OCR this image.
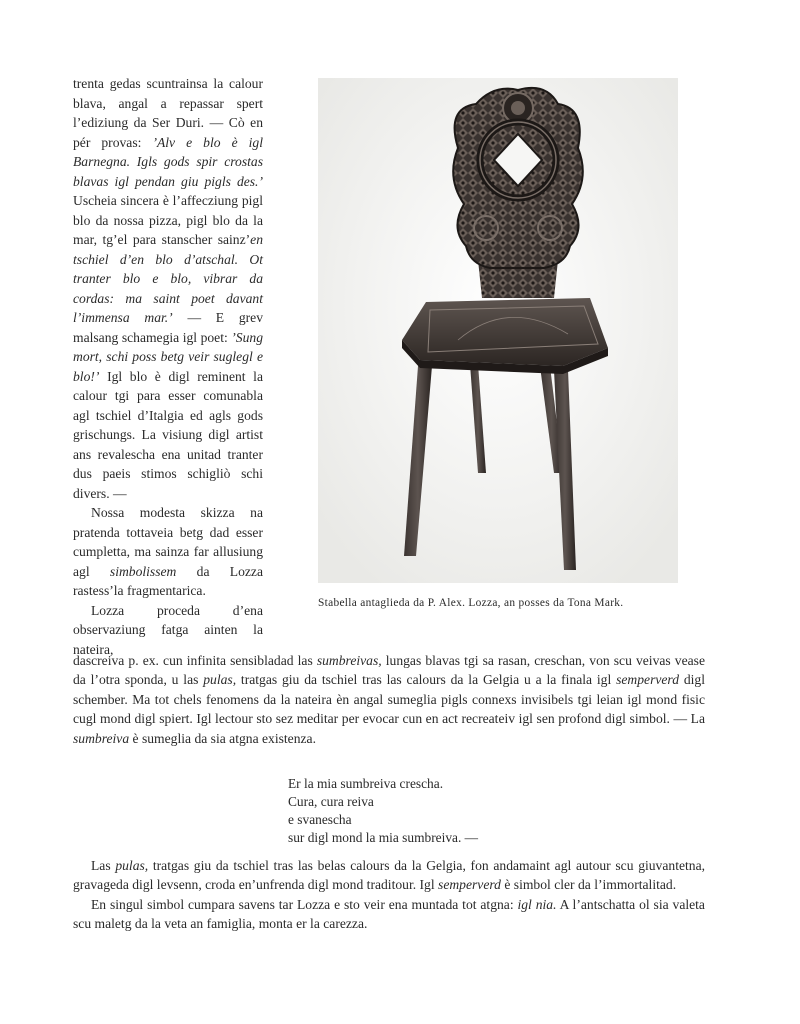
trenta gedas scuntrainsa la calour blava, angal a repassar spert l’ediziung da Ser Duri. — Cò en pér provas: ’Alv e blo è igl Barnegna. Igls gods spir crostas blavas igl pendan giu pigls des.’ Uscheia sincera è l’affecziung pigl blo da nossa pizza, pigl blo da la mar, tg’el para stanscher sainz’en tschiel d’en blo d’atschal. Ot tranter blo e blo, vibrar da cordas: ma saint poet davant l’immensa mar.’ — E grev malsang schamegia igl poet: ’Sung mort, schi poss betg veir suglegl e blo!’ Igl blo è digl reminent la calour tgi para esser comunabla agl tschiel d’Italgia ed agls gods grischungs. La visiung digl artist ans revalescha ena unitad tranter dus paeis stimos schigliò schi divers. —

Nossa modesta skizza na pratenda tottaveia betg dad esser cumpletta, ma sainza far allusiung agl simbolissem da Lozza rastess’la fragmentarica.

Lozza proceda d’ena observaziung fatga ainten la nateira,

Stabella antaglieda da P. Alex. Lozza, an posses da Tona Mark.
dascreiva p. ex. cun infinita sensibladad las sumbreivas, lungas blavas tgi sa rasan, creschan, von scu veivas vease da l’otra sponda, u las pulas, tratgas giu da tschiel tras las calours da la Gelgia u a la finala igl semperverd digl schember. Ma tot chels fenomens da la nateira èn angal sumeglia pigls connexs invisibels tgi leian igl mond fisic cugl mond digl spiert. Igl lectour sto sez meditar per evocar cun en act recreateiv igl sen profond digl simbol. — La sumbreiva è sumeglia da sia atgna existenza.
Er la mia sumbreiva crescha.
Cura, cura reiva
e svanescha
sur digl mond la mia sumbreiva. —

Las pulas, tratgas giu da tschiel tras las belas calours da la Gelgia, fon andamaint agl autour scu giuvantetna, gravageda digl levsenn, croda en’unfrenda digl mond traditour. Igl semperverd è simbol cler da l’immortalitad.

En singul simbol cumpara savens tar Lozza e sto veir ena muntada tot atgna: igl nia. A l’antschatta ol sia valeta scu maletg da la veta an famiglia, monta er la carezza.
